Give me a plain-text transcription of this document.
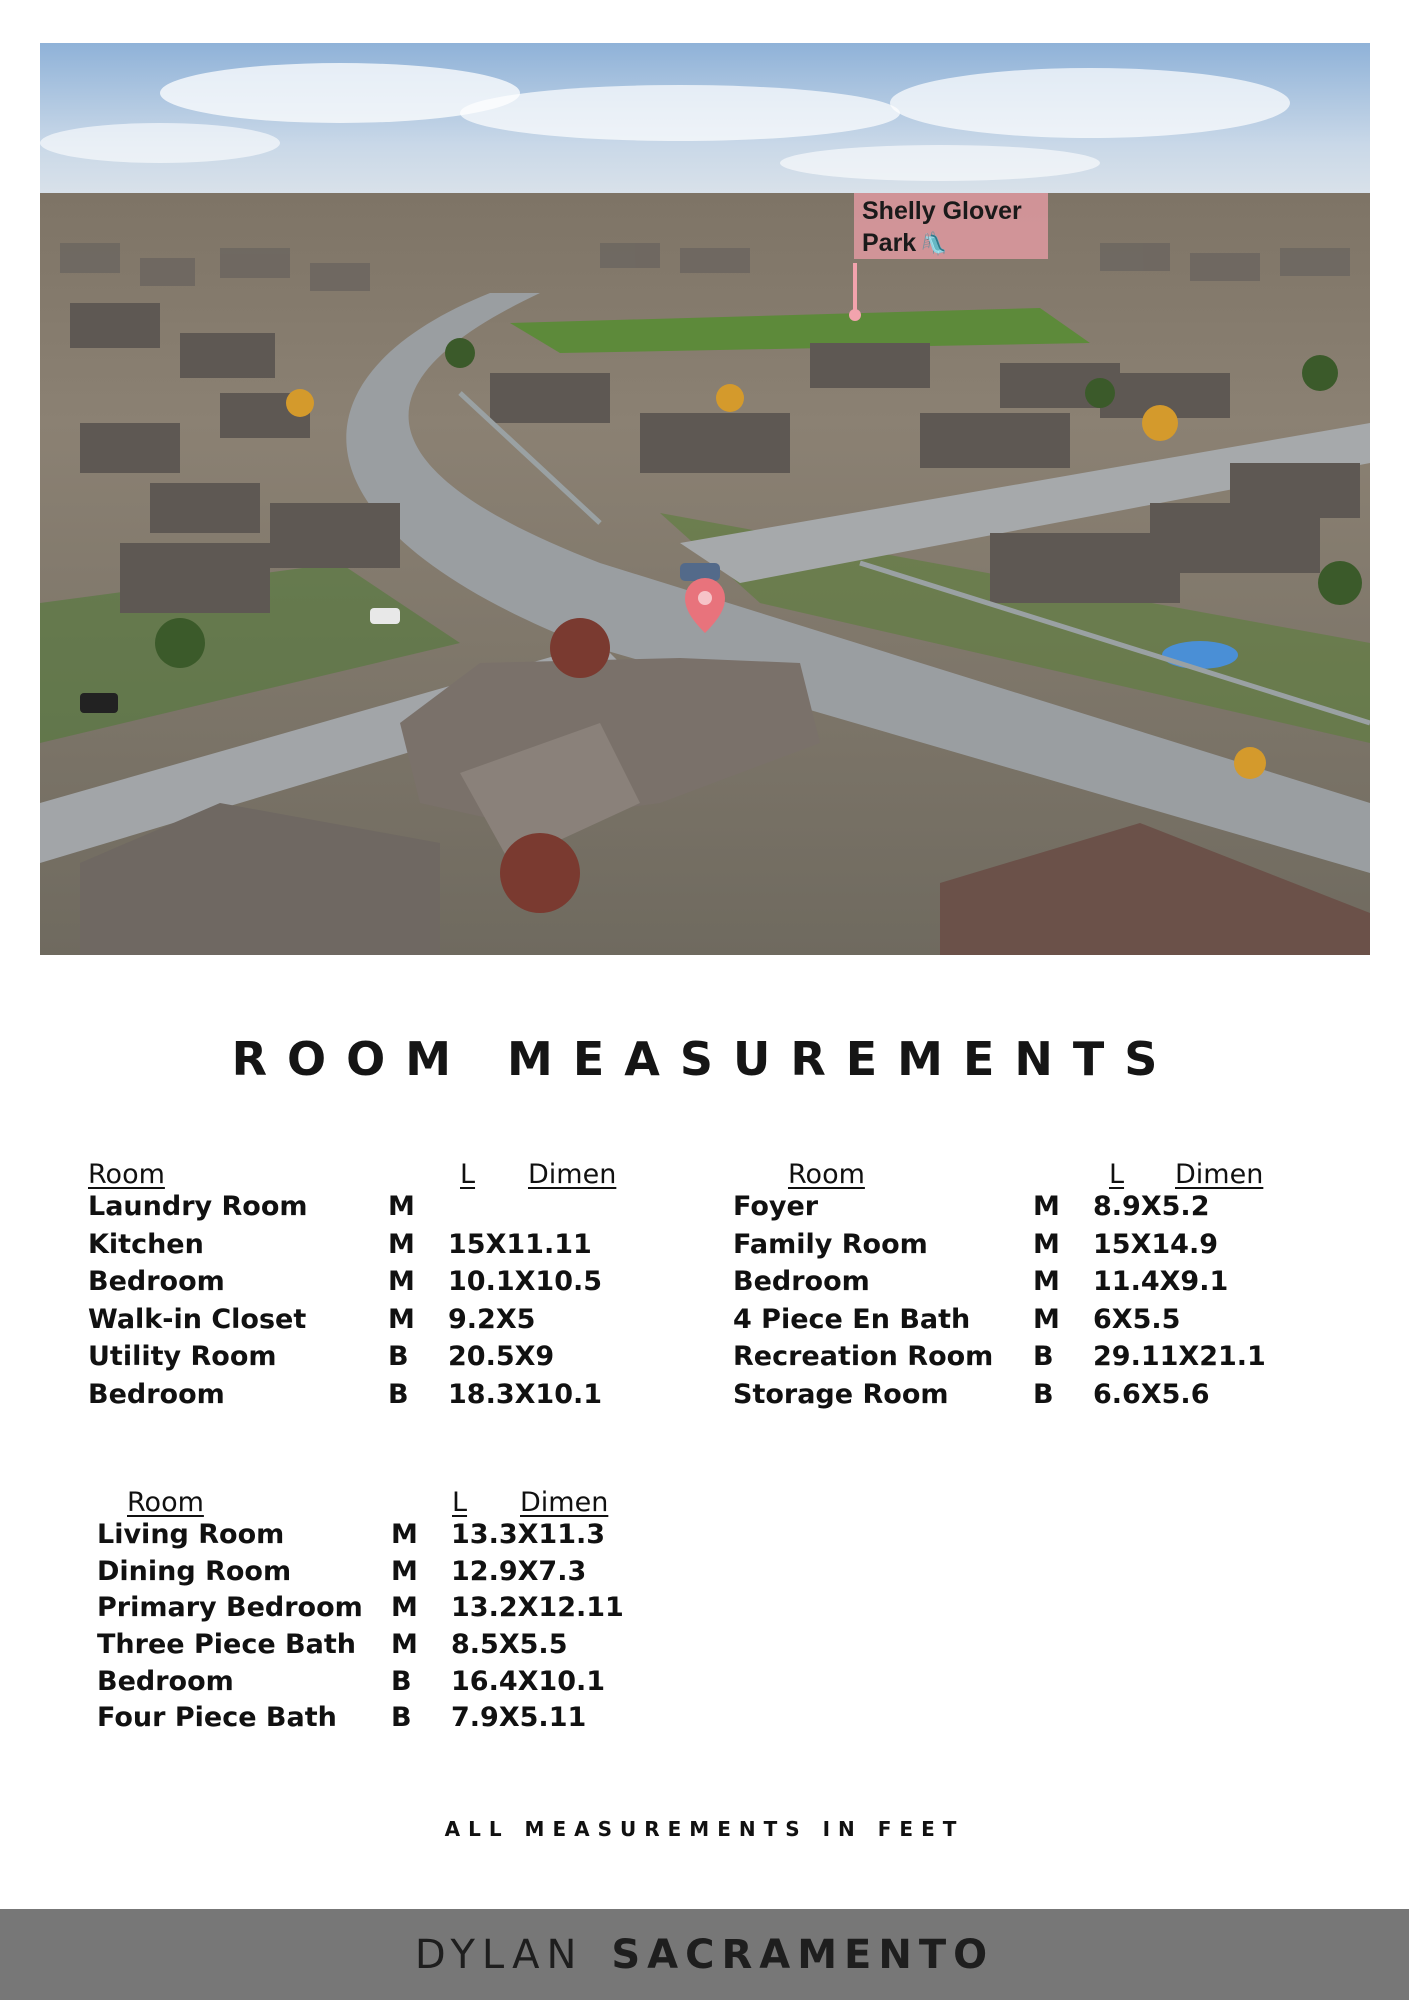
Shelly Glover
Park 🛝
ROOM MEASUREMENTS
Room	L Dimen
Laundry Room	M
Kitchen	M 15X11.11
Bedroom	M 10.1X10.5
Walk-in Closet	M 9.2X5
Utility Room	B 20.5X9
Bedroom	B 18.3X10.1
Room	L Dimen
Foyer	M 8.9X5.2
Family Room	M 15X14.9
Bedroom	M 11.4X9.1
4 Piece En Bath M 6X5.5
Recreation Room B 29.11X21.1
Storage Room	B 6.6X5.6
Room	L Dimen
Living Room	M 13.3X11.3
Dining Room	M 12.9X7.3
Primary Bedroom M 13.2X12.11
Three Piece Bath M 8.5X5.5
Bedroom	B 16.4X10.1
Four Piece Bath B 7.9X5.11
ALL MEASUREMENTS IN FEET
DYLAN SACRAMENTO
